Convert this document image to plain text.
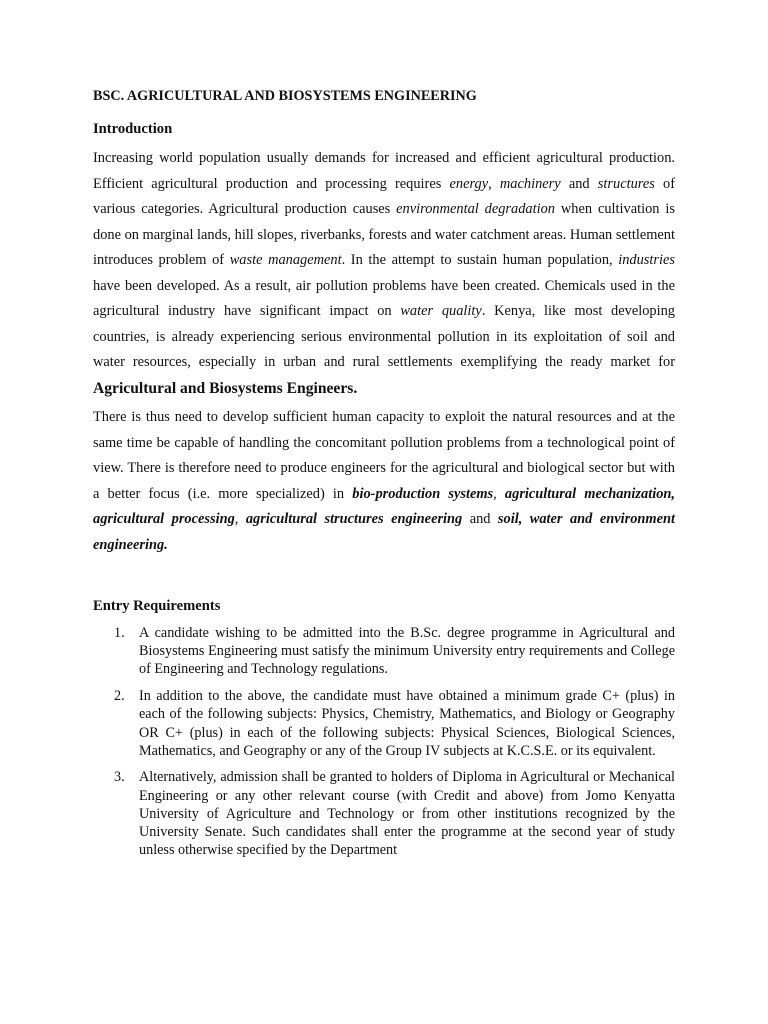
BSC. AGRICULTURAL AND BIOSYSTEMS ENGINEERING
Introduction

Increasing world population usually demands for increased and efficient agricultural production. Efficient agricultural production and processing requires energy, machinery and structures of various categories. Agricultural production causes environmental degradation when cultivation is done on marginal lands, hill slopes, riverbanks, forests and water catchment areas. Human settlement introduces problem of waste management. In the attempt to sustain human population, industries have been developed. As a result, air pollution problems have been created. Chemicals used in the agricultural industry have significant impact on water quality. Kenya, like most developing countries, is already experiencing serious environmental pollution in its exploitation of soil and water resources, especially in urban and rural settlements exemplifying the ready market for Agricultural and Biosystems Engineers.

There is thus need to develop sufficient human capacity to exploit the natural resources and at the same time be capable of handling the concomitant pollution problems from a technological point of view. There is therefore need to produce engineers for the agricultural and biological sector but with a better focus (i.e. more specialized) in bio-production systems, agricultural mechanization, agricultural processing, agricultural structures engineering and soil, water and environment engineering.

Entry Requirements
1. A candidate wishing to be admitted into the B.Sc. degree programme in Agricultural and Biosystems Engineering must satisfy the minimum University entry requirements and College of Engineering and Technology regulations.
2. In addition to the above, the candidate must have obtained a minimum grade C+ (plus) in each of the following subjects: Physics, Chemistry, Mathematics, and Biology or Geography OR C+ (plus) in each of the following subjects: Physical Sciences, Biological Sciences, Mathematics, and Geography or any of the Group IV subjects at K.C.S.E. or its equivalent.
3. Alternatively, admission shall be granted to holders of Diploma in Agricultural or Mechanical Engineering or any other relevant course (with Credit and above) from Jomo Kenyatta University of Agriculture and Technology or from other institutions recognized by the University Senate. Such candidates shall enter the programme at the second year of study unless otherwise specified by the Department
